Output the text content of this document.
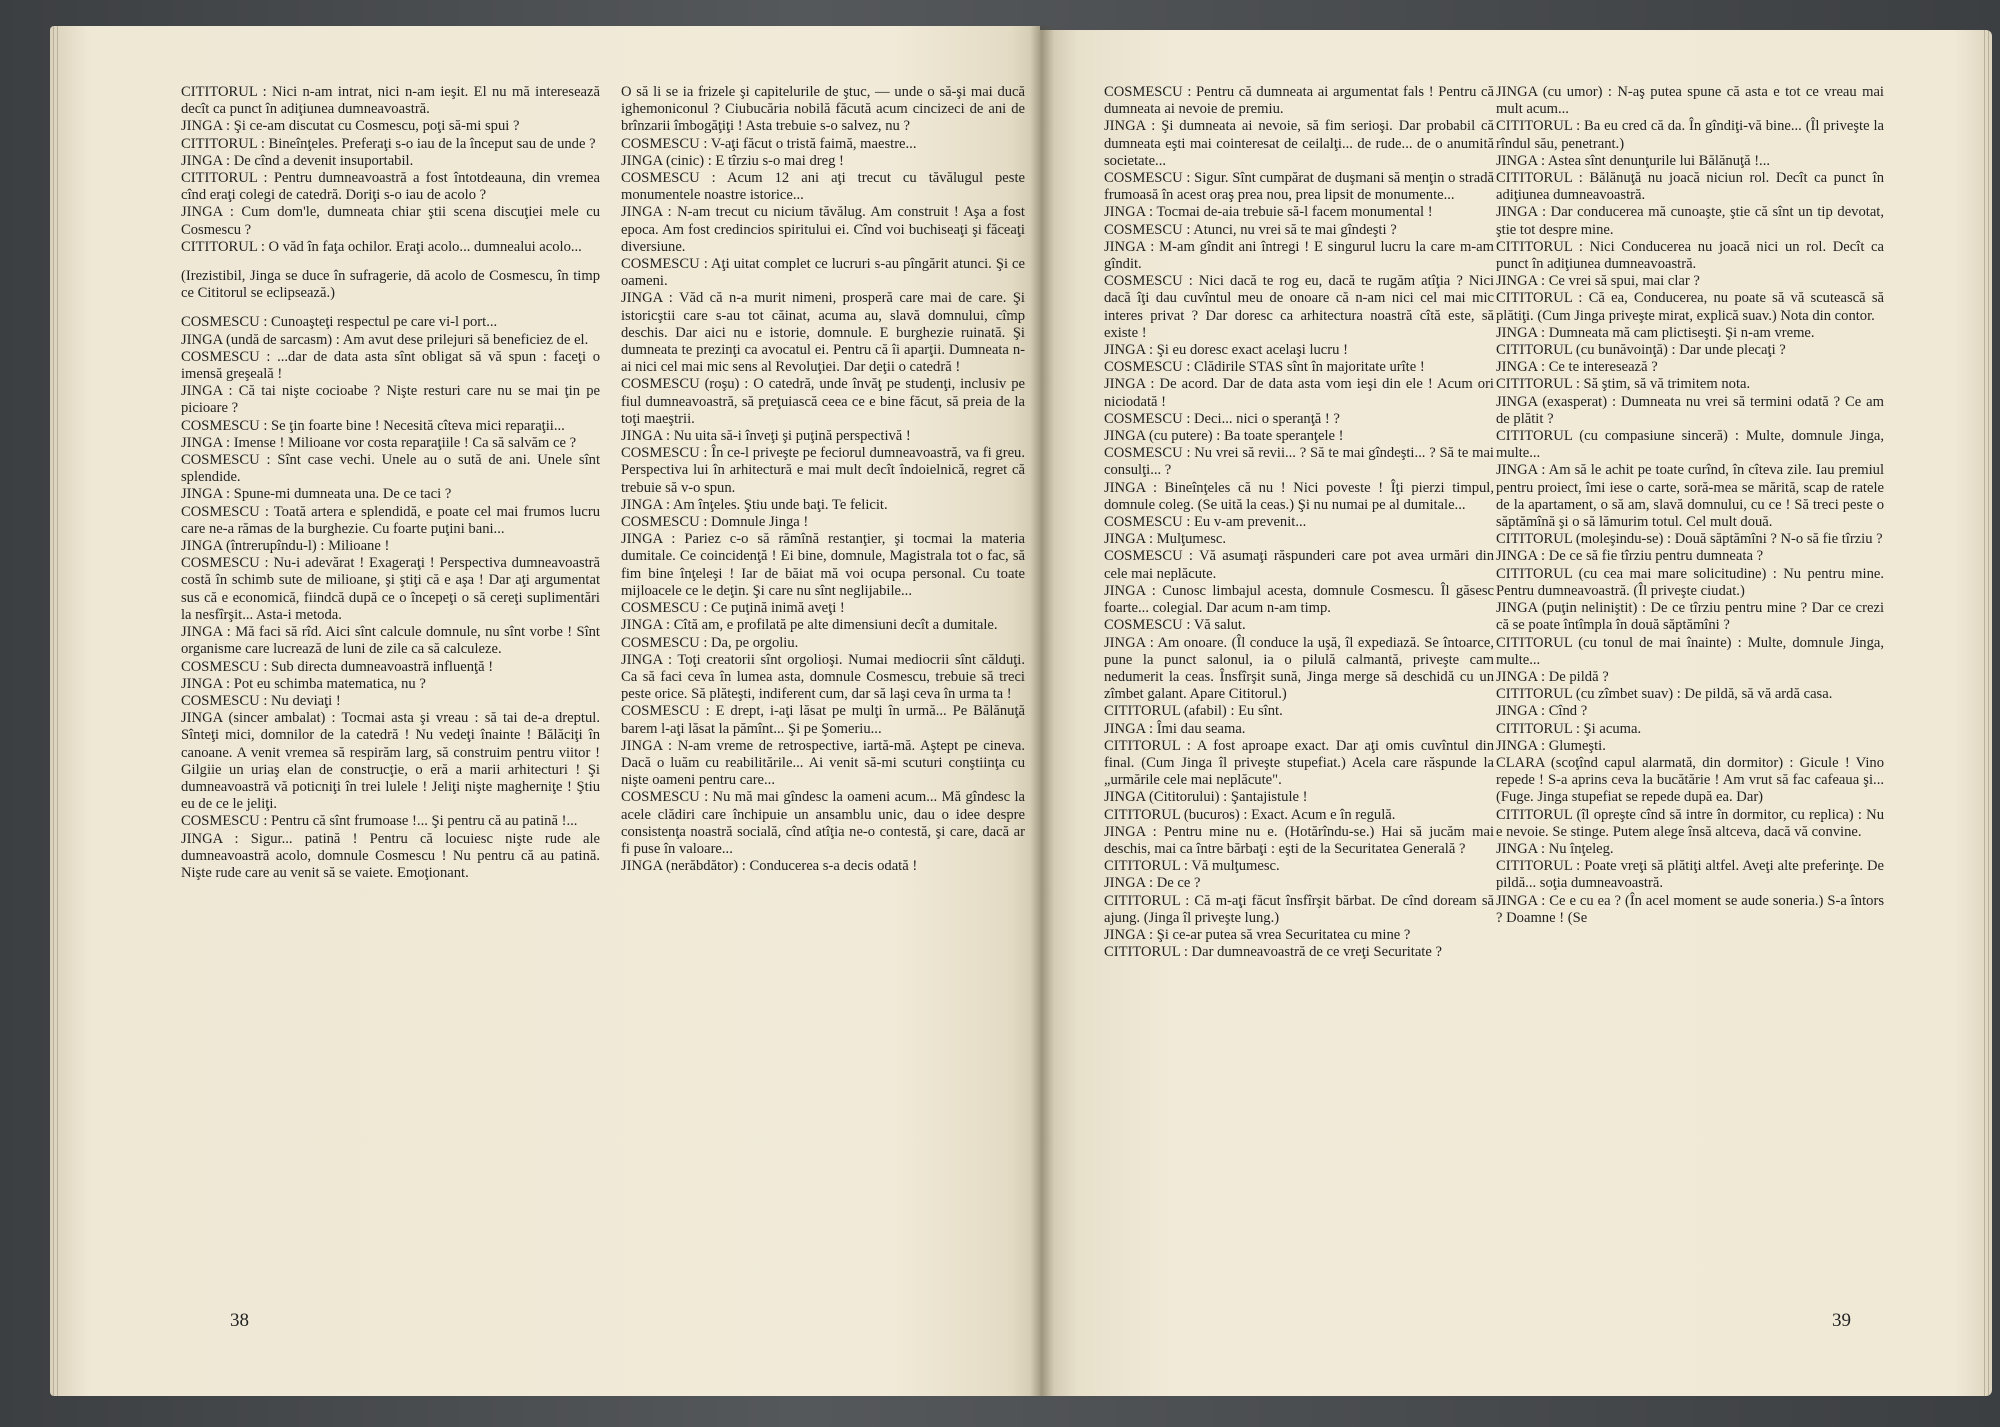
CITITORUL : Nici n-am intrat, nici n-am ieşit. El nu mă interesează decît ca punct în adiţiunea dumneavoastră.

JINGA : Şi ce-am discutat cu Cosmescu, poţi să-mi spui ?

CITITORUL : Bineînţeles. Preferaţi s-o iau de la început sau de unde ?

JINGA : De cînd a devenit insuportabil.

CITITORUL : Pentru dumneavoastră a fost întotdeauna, din vremea cînd eraţi colegi de catedră. Doriţi s-o iau de acolo ?

JINGA : Cum dom'le, dumneata chiar ştii scena discuţiei mele cu Cosmescu ?

CITITORUL : O văd în faţa ochilor. Eraţi acolo... dumnealui acolo...

(Irezistibil, Jinga se duce în sufragerie, dă acolo de Cosmescu, în timp ce Cititorul se eclipsează.)

COSMESCU : Cunoaşteţi respectul pe care vi-l port...

JINGA (undă de sarcasm) : Am avut dese prilejuri să beneficiez de el.

COSMESCU : ...dar de data asta sînt obligat să vă spun : faceţi o imensă greşeală !

JINGA : Că tai nişte cocioabe ? Nişte resturi care nu se mai ţin pe picioare ?

COSMESCU : Se ţin foarte bine ! Necesită cîteva mici reparaţii...

JINGA : Imense ! Milioane vor costa reparaţiile ! Ca să salvăm ce ?

COSMESCU : Sînt case vechi. Unele au o sută de ani. Unele sînt splendide.

JINGA : Spune-mi dumneata una. De ce taci ?

COSMESCU : Toată artera e splendidă, e poate cel mai frumos lucru care ne-a rămas de la burghezie. Cu foarte puţini bani...

JINGA (întrerupîndu-l) : Milioane !

COSMESCU : Nu-i adevărat ! Exageraţi ! Perspectiva dumneavoastră costă în schimb sute de milioane, şi ştiţi că e aşa ! Dar aţi argumentat sus că e economică, fiindcă după ce o începeţi o să cereţi suplimentări la nesfîrşit... Asta-i metoda.

JINGA : Mă faci să rîd. Aici sînt calcule domnule, nu sînt vorbe ! Sînt organisme care lucrează de luni de zile ca să calculeze.

COSMESCU : Sub directa dumneavoastră influenţă !

JINGA : Pot eu schimba matematica, nu ?

COSMESCU : Nu deviaţi !

JINGA (sincer ambalat) : Tocmai asta şi vreau : să tai de-a dreptul. Sînteţi mici, domnilor de la catedră ! Nu vedeţi înainte ! Bălăciţi în canoane. A venit vremea să respirăm larg, să construim pentru viitor ! Gilgiie un uriaş elan de construcţie, o eră a marii arhitecturi ! Şi dumneavoastră vă poticniţi în trei lulele ! Jeliţi nişte magherniţe ! Ştiu eu de ce le jeliţi.

COSMESCU : Pentru că sînt frumoase !... Şi pentru că au patină !...

JINGA : Sigur... patină ! Pentru că locuiesc nişte rude ale dumneavoastră acolo, domnule Cosmescu ! Nu pentru că au patină. Nişte rude care au venit să se vaiete. Emoţionant.

O să li se ia frizele şi capitelurile de ştuc, — unde o să-şi mai ducă ighemoniconul ? Ciubucăria nobilă făcută acum cincizeci de ani de brînzarii îmbogăţiţi ! Asta trebuie s-o salvez, nu ?

COSMESCU : V-aţi făcut o tristă faimă, maestre...

JINGA (cinic) : E tîrziu s-o mai dreg !

COSMESCU : Acum 12 ani aţi trecut cu tăvălugul peste monumentele noastre istorice...

JINGA : N-am trecut cu nicium tăvălug. Am construit ! Aşa a fost epoca. Am fost credincios spiritului ei. Cînd voi buchiseaţi şi făceaţi diversiune.

COSMESCU : Aţi uitat complet ce lucruri s-au pîngărit atunci. Şi ce oameni.

JINGA : Văd că n-a murit nimeni, prosperă care mai de care. Şi istoricştii care s-au tot căinat, acuma au, slavă domnului, cîmp deschis. Dar aici nu e istorie, domnule. E burghezie ruinată. Şi dumneata te prezinţi ca avocatul ei. Pentru că îi aparţii. Dumneata n-ai nici cel mai mic sens al Revoluţiei. Dar deţii o catedră !

COSMESCU (roşu) : O catedră, unde învăţ pe studenţi, inclusiv pe fiul dumneavoastră, să preţuiască ceea ce e bine făcut, să preia de la toţi maeştrii.

JINGA : Nu uita să-i înveţi şi puţină perspectivă !

COSMESCU : În ce-l priveşte pe feciorul dumneavoastră, va fi greu. Perspectiva lui în arhitectură e mai mult decît îndoielnică, regret că trebuie să v-o spun.

JINGA : Am înţeles. Ştiu unde baţi. Te felicit.

COSMESCU : Domnule Jinga !

JINGA : Pariez c-o să rămînă restanţier, şi tocmai la materia dumitale. Ce coincidenţă ! Ei bine, domnule, Magistrala tot o fac, să fim bine înţeleşi ! Iar de băiat mă voi ocupa personal. Cu toate mijloacele ce le deţin. Şi care nu sînt neglijabile...

COSMESCU : Ce puţină inimă aveţi !

JINGA : Cîtă am, e profilată pe alte dimensiuni decît a dumitale.

COSMESCU : Da, pe orgoliu.

JINGA : Toţi creatorii sînt orgolioşi. Numai mediocrii sînt călduţi. Ca să faci ceva în lumea asta, domnule Cosmescu, trebuie să treci peste orice. Să plăteşti, indiferent cum, dar să laşi ceva în urma ta !

COSMESCU : E drept, i-aţi lăsat pe mulţi în urmă... Pe Bălănuţă barem l-aţi lăsat la pămînt... Şi pe Şomeriu...

JINGA : N-am vreme de retrospective, iartă-mă. Aştept pe cineva. Dacă o luăm cu reabilitările... Ai venit să-mi scuturi conştiinţa cu nişte oameni pentru care...

COSMESCU : Nu mă mai gîndesc la oameni acum... Mă gîndesc la acele clădiri care închipuie un ansamblu unic, dau o idee despre consistenţa noastră socială, cînd atîţia ne-o contestă, şi care, dacă ar fi puse în valoare...

JINGA (nerăbdător) : Conducerea s-a decis odată !

COSMESCU : Pentru că dumneata ai argumentat fals ! Pentru că dumneata ai nevoie de premiu.

JINGA : Şi dumneata ai nevoie, să fim serioşi. Dar probabil că dumneata eşti mai cointeresat de ceilalţi... de rude... de o anumită societate...

COSMESCU : Sigur. Sînt cumpărat de duşmani să menţin o stradă frumoasă în acest oraş prea nou, prea lipsit de monumente...

JINGA : Tocmai de-aia trebuie să-l facem monumental !

COSMESCU : Atunci, nu vrei să te mai gîndeşti ?

JINGA : M-am gîndit ani întregi ! E singurul lucru la care m-am gîndit.

COSMESCU : Nici dacă te rog eu, dacă te rugăm atîţia ? Nici dacă îţi dau cuvîntul meu de onoare că n-am nici cel mai mic interes privat ? Dar doresc ca arhitectura noastră cîtă este, să existe !

JINGA : Şi eu doresc exact acelaşi lucru !

COSMESCU : Clădirile STAS sînt în majoritate urîte !

JINGA : De acord. Dar de data asta vom ieşi din ele ! Acum ori niciodată !

COSMESCU : Deci... nici o speranţă ! ?

JINGA (cu putere) : Ba toate speranţele !

COSMESCU : Nu vrei să revii... ? Să te mai gîndeşti... ? Să te mai consulţi... ?

JINGA : Bineînţeles că nu ! Nici poveste ! Îţi pierzi timpul, domnule coleg. (Se uită la ceas.) Şi nu numai pe al dumitale...

COSMESCU : Eu v-am prevenit...

JINGA : Mulţumesc.

COSMESCU : Vă asumaţi răspunderi care pot avea urmări din cele mai neplăcute.

JINGA : Cunosc limbajul acesta, domnule Cosmescu. Îl găsesc foarte... colegial. Dar acum n-am timp.

COSMESCU : Vă salut.

JINGA : Am onoare. (Îl conduce la uşă, îl expediază. Se întoarce, pune la punct salonul, ia o pilulă calmantă, priveşte cam nedumerit la ceas. Însfîrşit sună, Jinga merge să deschidă cu un zîmbet galant. Apare Cititorul.)

CITITORUL (afabil) : Eu sînt.

JINGA : Îmi dau seama.

CITITORUL : A fost aproape exact. Dar aţi omis cuvîntul din final. (Cum Jinga îl priveşte stupefiat.) Acela care răspunde la „urmările cele mai neplăcute".

JINGA (Cititorului) : Şantajistule !

CITITORUL (bucuros) : Exact. Acum e în regulă.

JINGA : Pentru mine nu e. (Hotărîndu-se.) Hai să jucăm mai deschis, mai ca între bărbaţi : eşti de la Securitatea Generală ?

CITITORUL : Vă mulţumesc.

JINGA : De ce ?

CITITORUL : Că m-aţi făcut însfîrşit bărbat. De cînd doream să ajung. (Jinga îl priveşte lung.)

JINGA : Şi ce-ar putea să vrea Securitatea cu mine ?

CITITORUL : Dar dumneavoastră de ce vreţi Securitate ?

JINGA (cu umor) : N-aş putea spune că asta e tot ce vreau mai mult acum...

CITITORUL : Ba eu cred că da. În gîndiţi-vă bine... (Îl priveşte la rîndul său, penetrant.)

JINGA : Astea sînt denunţurile lui Bălănuţă !...

CITITORUL : Bălănuţă nu joacă niciun rol. Decît ca punct în adiţiunea dumneavoastră.

JINGA : Dar conducerea mă cunoaşte, ştie că sînt un tip devotat, ştie tot despre mine.

CITITORUL : Nici Conducerea nu joacă nici un rol. Decît ca punct în adiţiunea dumneavoastră.

JINGA : Ce vrei să spui, mai clar ?

CITITORUL : Că ea, Conducerea, nu poate să vă scutească să plătiţi. (Cum Jinga priveşte mirat, explică suav.) Nota din contor.

JINGA : Dumneata mă cam plictiseşti. Şi n-am vreme.

CITITORUL (cu bunăvoinţă) : Dar unde plecaţi ?

JINGA : Ce te interesează ?

CITITORUL : Să ştim, să vă trimitem nota.

JINGA (exasperat) : Dumneata nu vrei să termini odată ? Ce am de plătit ?

CITITORUL (cu compasiune sinceră) : Multe, domnule Jinga, multe...

JINGA : Am să le achit pe toate curînd, în cîteva zile. Iau premiul pentru proiect, îmi iese o carte, soră-mea se mărită, scap de ratele de la apartament, o să am, slavă domnului, cu ce ! Să treci peste o săptămînă şi o să lămurim totul. Cel mult două.

CITITORUL (moleşindu-se) : Două săptămîni ? N-o să fie tîrziu ?

JINGA : De ce să fie tîrziu pentru dumneata ?

CITITORUL (cu cea mai mare solicitudine) : Nu pentru mine. Pentru dumneavoastră. (Îl priveşte ciudat.)

JINGA (puţin neliniştit) : De ce tîrziu pentru mine ? Dar ce crezi că se poate întîmpla în două săptămîni ?

CITITORUL (cu tonul de mai înainte) : Multe, domnule Jinga, multe...

JINGA : De pildă ?

CITITORUL (cu zîmbet suav) : De pildă, să vă ardă casa.

JINGA : Cînd ?

CITITORUL : Şi acuma.

JINGA : Glumeşti.

CLARA (scoţînd capul alarmată, din dormitor) : Gicule ! Vino repede ! S-a aprins ceva la bucătărie ! Am vrut să fac cafeaua şi... (Fuge. Jinga stupefiat se repede după ea. Dar)

CITITORUL (îl opreşte cînd să intre în dormitor, cu replica) : Nu e nevoie. Se stinge. Putem alege însă altceva, dacă vă convine.

JINGA : Nu înţeleg.

CITITORUL : Poate vreţi să plătiţi altfel. Aveţi alte preferinţe. De pildă... soţia dumneavoastră.

JINGA : Ce e cu ea ? (În acel moment se aude soneria.) S-a întors ? Doamne ! (Se

38	39
